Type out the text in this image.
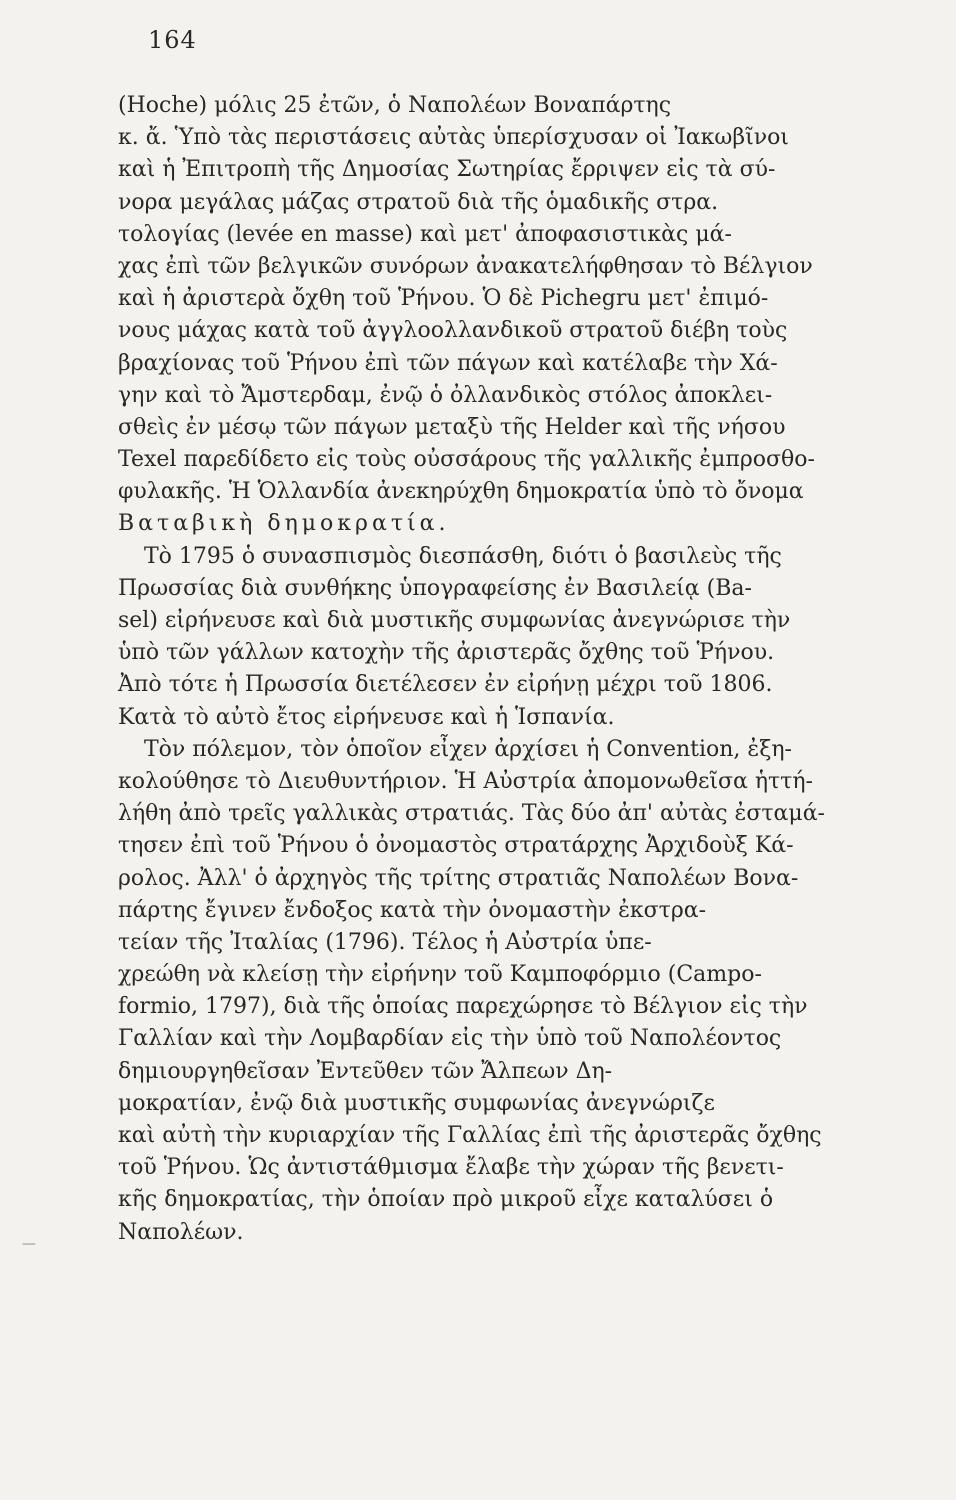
164
(Hoche) μόλις 25 ἐτῶν, ὁ Ναπολέων Βοναπάρτης
κ. ἄ. Ὑπὸ τὰς περιστάσεις αὐτὰς ὑπερίσχυσαν οἱ Ἰακωβῖνοι
καὶ ἡ Ἐπιτροπὴ τῆς Δημοσίας Σωτηρίας ἔρριψεν εἰς τὰ σύ-
νορα μεγάλας μάζας στρατοῦ διὰ τῆς ὁμαδικῆς στρα.
τολογίας (levée en masse) καὶ μετ' ἀποφασιστικὰς μά-
χας ἐπὶ τῶν βελγικῶν συνόρων ἀνακατελήφθησαν τὸ Βέλγιον
καὶ ἡ ἀριστερὰ ὄχθη τοῦ Ῥήνου. Ὁ δὲ Pichegru μετ' ἐπιμό-
νους μάχας κατὰ τοῦ ἀγγλοολλανδικοῦ στρατοῦ διέβη τοὺς
βραχίονας τοῦ Ῥήνου ἐπὶ τῶν πάγων καὶ κατέλαβε τὴν Χά-
γην καὶ τὸ Ἄμστερδαμ, ἐνῷ ὁ ὀλλανδικὸς στόλος ἀποκλει-
σθεὶς ἐν μέσῳ τῶν πάγων μεταξὺ τῆς Helder καὶ τῆς νήσου
Texel παρεδίδετο εἰς τοὺς οὐσσάρους τῆς γαλλικῆς ἐμπροσθο-
φυλακῆς. Ἡ Ὁλλανδία ἀνεκηρύχθη δημοκρατία ὑπὸ τὸ ὄνομα
Βαταβικὴ δημοκρατία.
Τὸ 1795 ὁ συνασπισμὸς διεσπάσθη, διότι ὁ βασιλεὺς τῆς
Πρωσσίας διὰ συνθήκης ὑπογραφείσης ἐν Βασιλείᾳ (Ba-
sel) εἰρήνευσε καὶ διὰ μυστικῆς συμφωνίας ἀνεγνώρισε τὴν
ὑπὸ τῶν γάλλων κατοχὴν τῆς ἀριστερᾶς ὄχθης τοῦ Ῥήνου.
Ἀπὸ τότε ἡ Πρωσσία διετέλεσεν ἐν εἰρήνῃ μέχρι τοῦ 1806.
Κατὰ τὸ αὐτὸ ἔτος εἰρήνευσε καὶ ἡ Ἱσπανία.
Τὸν πόλεμον, τὸν ὁποῖον εἶχεν ἀρχίσει ἡ Convention, ἐξη-
κολούθησε τὸ Διευθυντήριον. Ἡ Αὐστρία ἀπομονωθεῖσα ἡττή-
λήθη ἀπὸ τρεῖς γαλλικὰς στρατιάς. Τὰς δύο ἀπ' αὐτὰς ἐσταμά-
τησεν ἐπὶ τοῦ Ῥήνου ὁ ὀνομαστὸς στρατάρχης Ἀρχιδοὺξ Κά-
ρολος. Ἀλλ' ὁ ἀρχηγὸς τῆς τρίτης στρατιᾶς Ναπολέων Βονα-
πάρτης ἔγινεν ἔνδοξος κατὰ τὴν ὀνομαστὴν ἐκστρα-
τείαν τῆς Ἰταλίας (1796). Τέλος ἡ Αὐστρία ὑπε-
χρεώθη νὰ κλείσῃ τὴν εἰρήνην τοῦ Καμποφόρμιο (Campo-
formio, 1797), διὰ τῆς ὁποίας παρεχώρησε τὸ Βέλγιον εἰς τὴν
Γαλλίαν καὶ τὴν Λομβαρδίαν εἰς τὴν ὑπὸ τοῦ Ναπολέοντος
δημιουργηθεῖσαν Ἐντεῦθεν τῶν Ἄλπεων Δη-
μοκρατίαν, ἐνῷ διὰ μυστικῆς συμφωνίας ἀνεγνώριζε
καὶ αὐτὴ τὴν κυριαρχίαν τῆς Γαλλίας ἐπὶ τῆς ἀριστερᾶς ὄχθης
τοῦ Ῥήνου. Ὡς ἀντιστάθμισμα ἔλαβε τὴν χώραν τῆς βενετι-
κῆς δημοκρατίας, τὴν ὁποίαν πρὸ μικροῦ εἶχε καταλύσει ὁ
Ναπολέων.
—
